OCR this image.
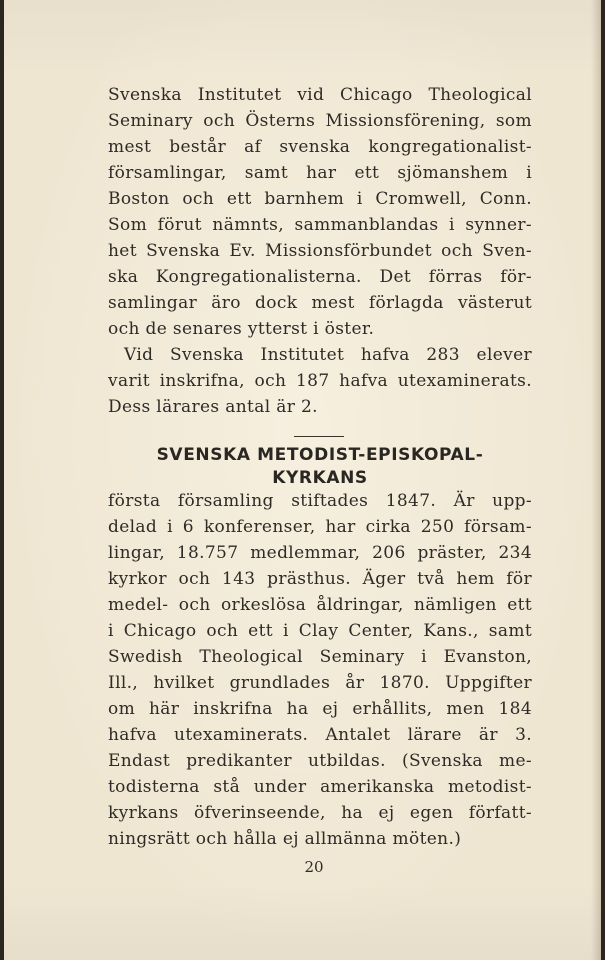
Svenska Institutet vid Chicago Theological
Seminary och Österns Missionsförening, som
mest består af svenska kongregationalist-
församlingar, samt har ett sjömanshem i
Boston och ett barnhem i Cromwell, Conn.
Som förut nämnts, sammanblandas i synner-
het Svenska Ev. Missionsförbundet och Sven-
ska Kongregationalisterna. Det förras för-
samlingar äro dock mest förlagda västerut
och de senares ytterst i öster.
Vid Svenska Institutet hafva 283 elever
varit inskrifna, och 187 hafva utexaminerats.
Dess lärares antal är 2.
SVENSKA METODIST-EPISKOPAL-
KYRKANS
första församling stiftades 1847. Är upp-
delad i 6 konferenser, har cirka 250 försam-
lingar, 18.757 medlemmar, 206 präster, 234
kyrkor och 143 prästhus. Äger två hem för
medel- och orkeslösa åldringar, nämligen ett
i Chicago och ett i Clay Center, Kans., samt
Swedish Theological Seminary i Evanston,
Ill., hvilket grundlades år 1870. Uppgifter
om här inskrifna ha ej erhållits, men 184
hafva utexaminerats. Antalet lärare är 3.
Endast predikanter utbildas. (Svenska me-
todisterna stå under amerikanska metodist-
kyrkans öfverinseende, ha ej egen författ-
ningsrätt och hålla ej allmänna möten.)
20
